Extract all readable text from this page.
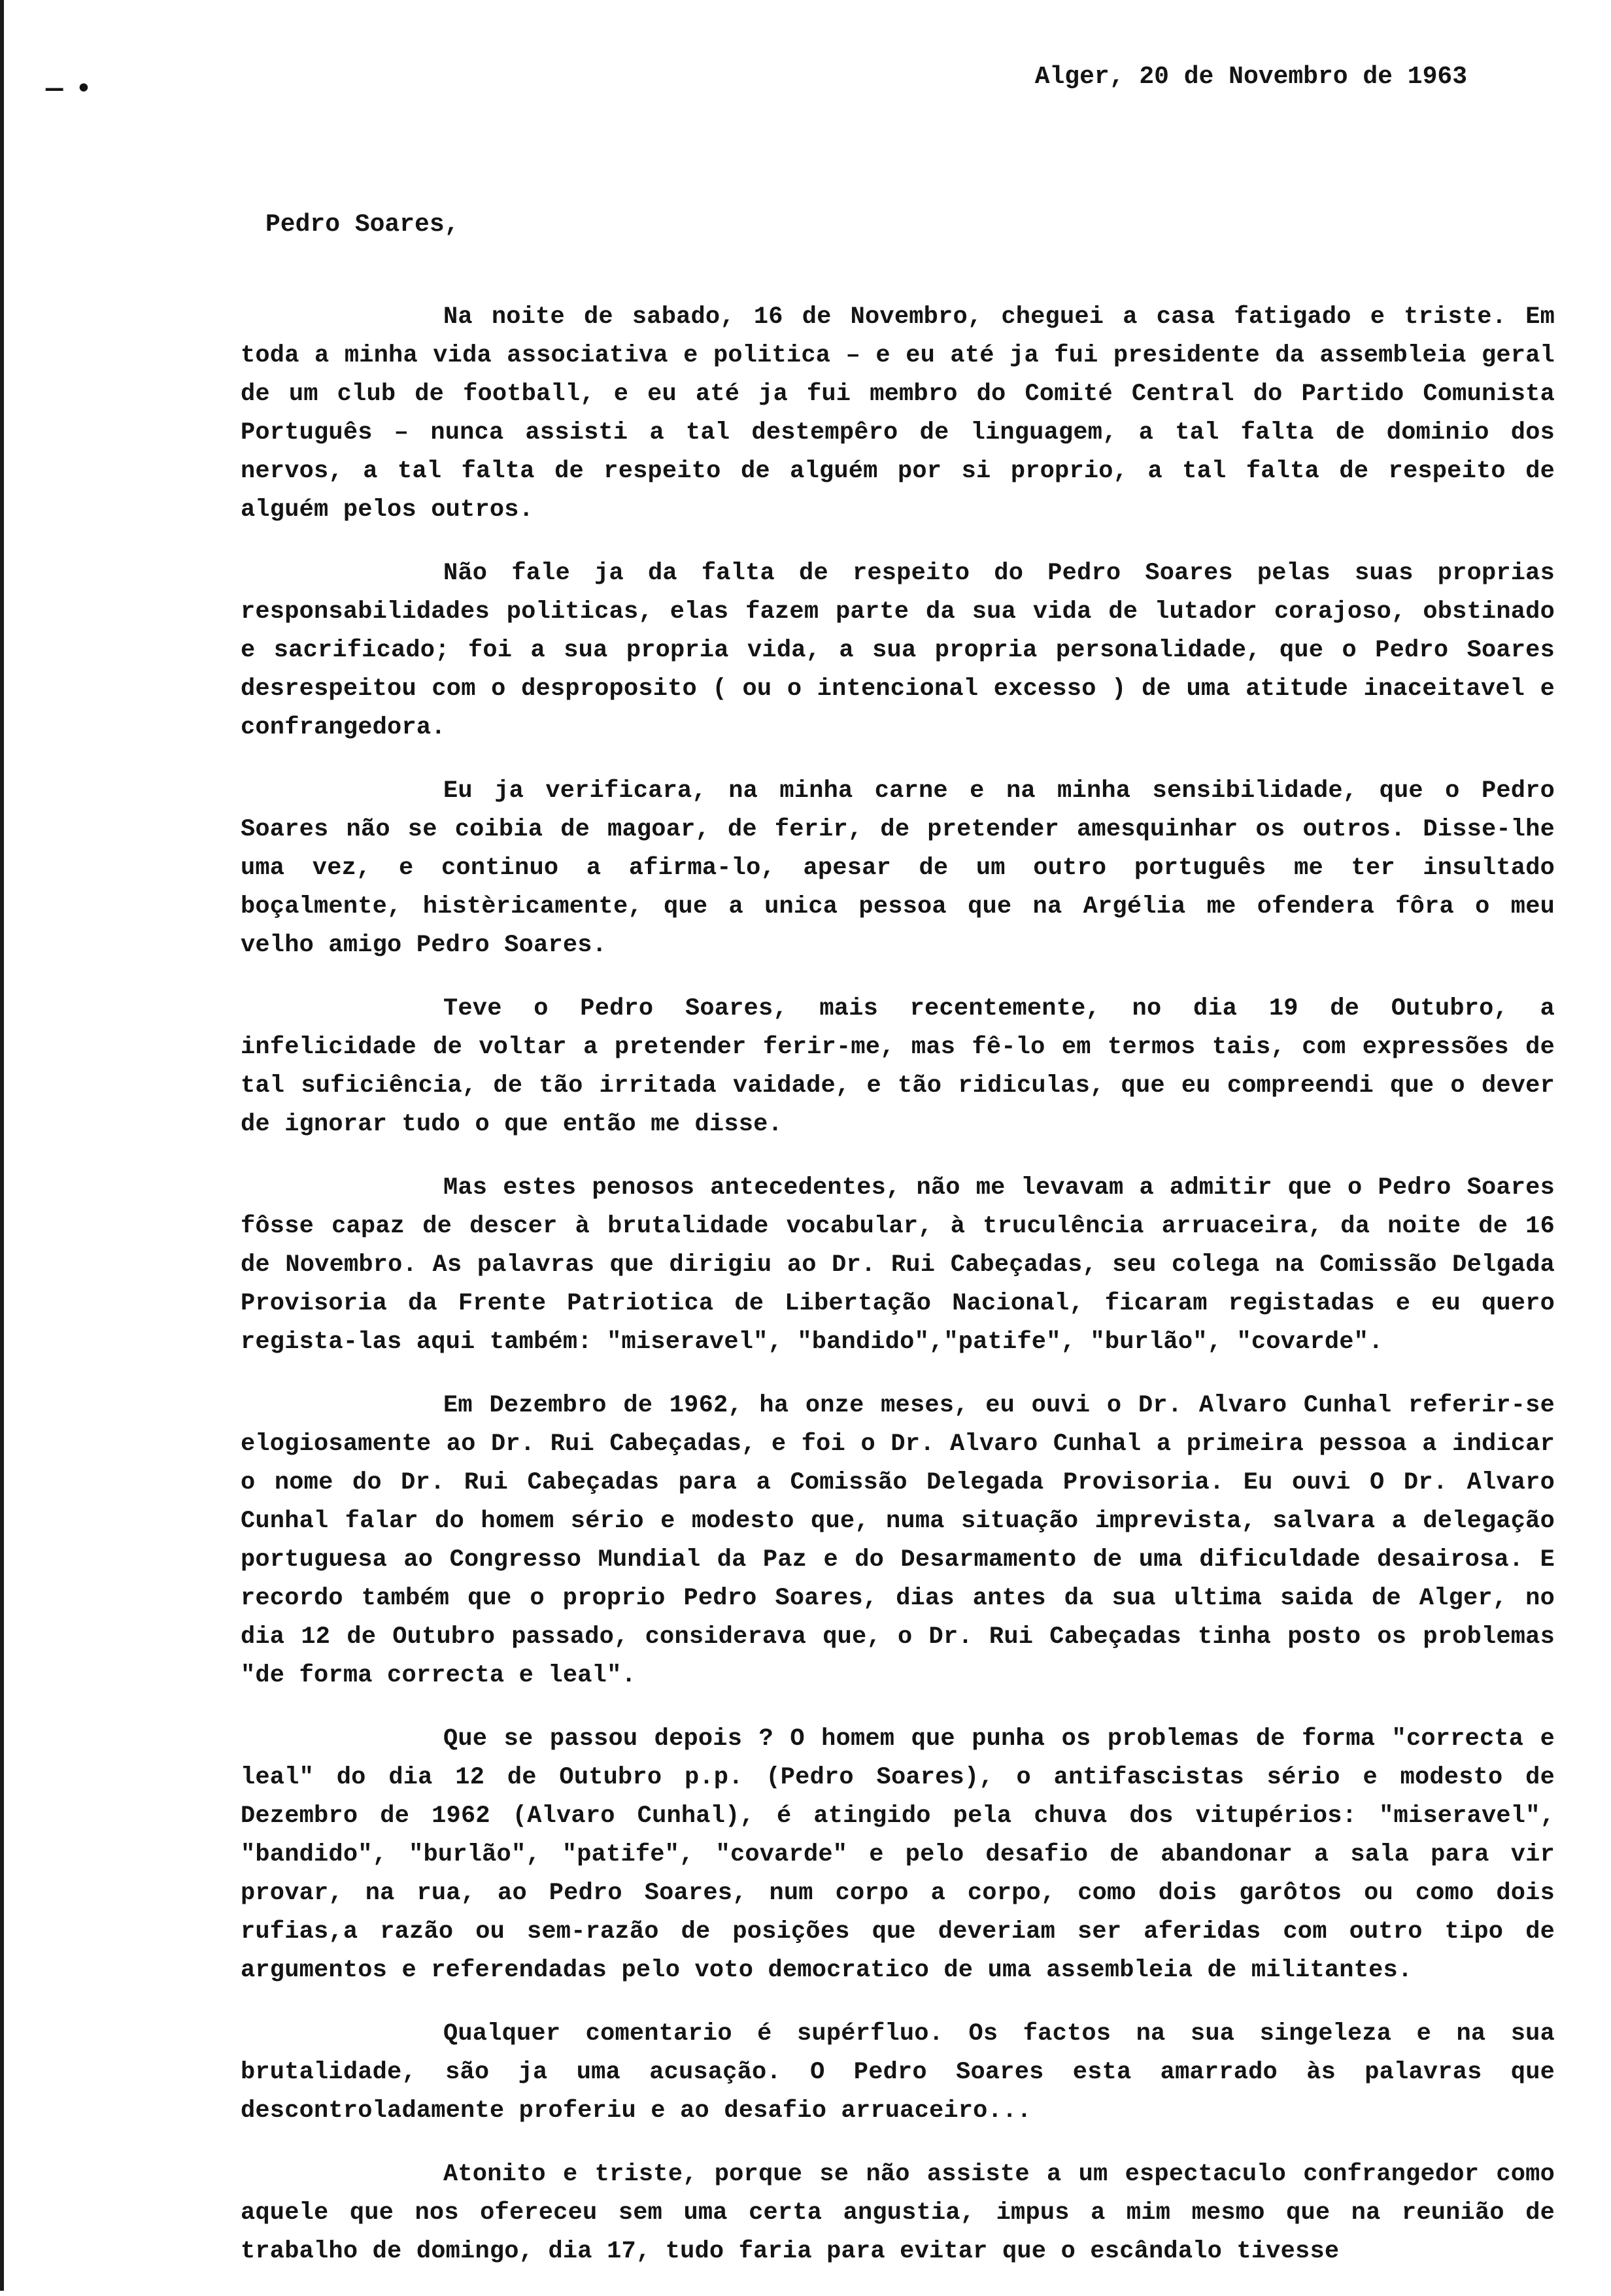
— •	Alger, 20 de Novembro de 1963
Pedro Soares,

Na noite de sabado, 16 de Novembro, cheguei a casa fatigado e triste. Em toda a minha vida associativa e politica – e eu até ja fui presidente da assembleia geral de um club de football, e eu até ja fui membro do Comité Central do Partido Comunista Português – nunca assisti a tal destempêro de linguagem, a tal falta de dominio dos nervos, a tal falta de respeito de alguém por si proprio, a tal falta de respeito de alguém pelos outros.

Não fale ja da falta de respeito do Pedro Soares pelas suas proprias responsabilidades politicas, elas fazem parte da sua vida de lutador corajoso, obstinado e sacrificado; foi a sua propria vida, a sua propria personalidade, que o Pedro Soares desrespeitou com o desproposito ( ou o intencional excesso ) de uma atitude inaceitavel e confrangedora.

Eu ja verificara, na minha carne e na minha sensibilidade, que o Pedro Soares não se coibia de magoar, de ferir, de pretender amesquinhar os outros. Disse-lhe uma vez, e continuo a afirma-lo, apesar de um outro português me ter insultado boçalmente, histèricamente, que a unica pessoa que na Argélia me ofendera fôra o meu velho amigo Pedro Soares.

Teve o Pedro Soares, mais recentemente, no dia 19 de Outubro, a infelicidade de voltar a pretender ferir-me, mas fê-lo em termos tais, com expressões de tal suficiência, de tão irritada vaidade, e tão ridiculas, que eu compreendi que o dever de ignorar tudo o que então me disse.

Mas estes penosos antecedentes, não me levavam a admitir que o Pedro Soares fôsse capaz de descer à brutalidade vocabular, à truculência arruaceira, da noite de 16 de Novembro. As palavras que dirigiu ao Dr. Rui Cabeçadas, seu colega na Comissão Delgada Provisoria da Frente Patriotica de Libertação Nacional, ficaram registadas e eu quero regista-las aqui também: "miseravel", "bandido","patife", "burlão", "covarde".

Em Dezembro de 1962, ha onze meses, eu ouvi o Dr. Alvaro Cunhal referir-se elogiosamente ao Dr. Rui Cabeçadas, e foi o Dr. Alvaro Cunhal a primeira pessoa a indicar o nome do Dr. Rui Cabeçadas para a Comissão Delegada Provisoria. Eu ouvi O Dr. Alvaro Cunhal falar do homem sério e modesto que, numa situação imprevista, salvara a delegação portuguesa ao Congresso Mundial da Paz e do Desarmamento de uma dificuldade desairosa. E recordo também que o proprio Pedro Soares, dias antes da sua ultima saida de Alger, no dia 12 de Outubro passado, considerava que, o Dr. Rui Cabeçadas tinha posto os problemas "de forma correcta e leal".

Que se passou depois ? O homem que punha os problemas de forma "correcta e leal" do dia 12 de Outubro p.p. (Pedro Soares), o antifascistas sério e modesto de Dezembro de 1962 (Alvaro Cunhal), é atingido pela chuva dos vitupérios: "miseravel", "bandido", "burlão", "patife", "covarde" e pelo desafio de abandonar a sala para vir provar, na rua, ao Pedro Soares, num corpo a corpo, como dois garôtos ou como dois rufias,a razão ou sem-razão de posições que deveriam ser aferidas com outro tipo de argumentos e referendadas pelo voto democratico de uma assembleia de militantes.

Qualquer comentario é supérfluo. Os factos na sua singeleza e na sua brutalidade, são ja uma acusação. O Pedro Soares esta amarrado às palavras que descontroladamente proferiu e ao desafio arruaceiro...

Atonito e triste, porque se não assiste a um espectaculo confrangedor como aquele que nos ofereceu sem uma certa angustia, impus a mim mesmo que na reunião de trabalho de domingo, dia 17, tudo faria para evitar que o escândalo tivesse
